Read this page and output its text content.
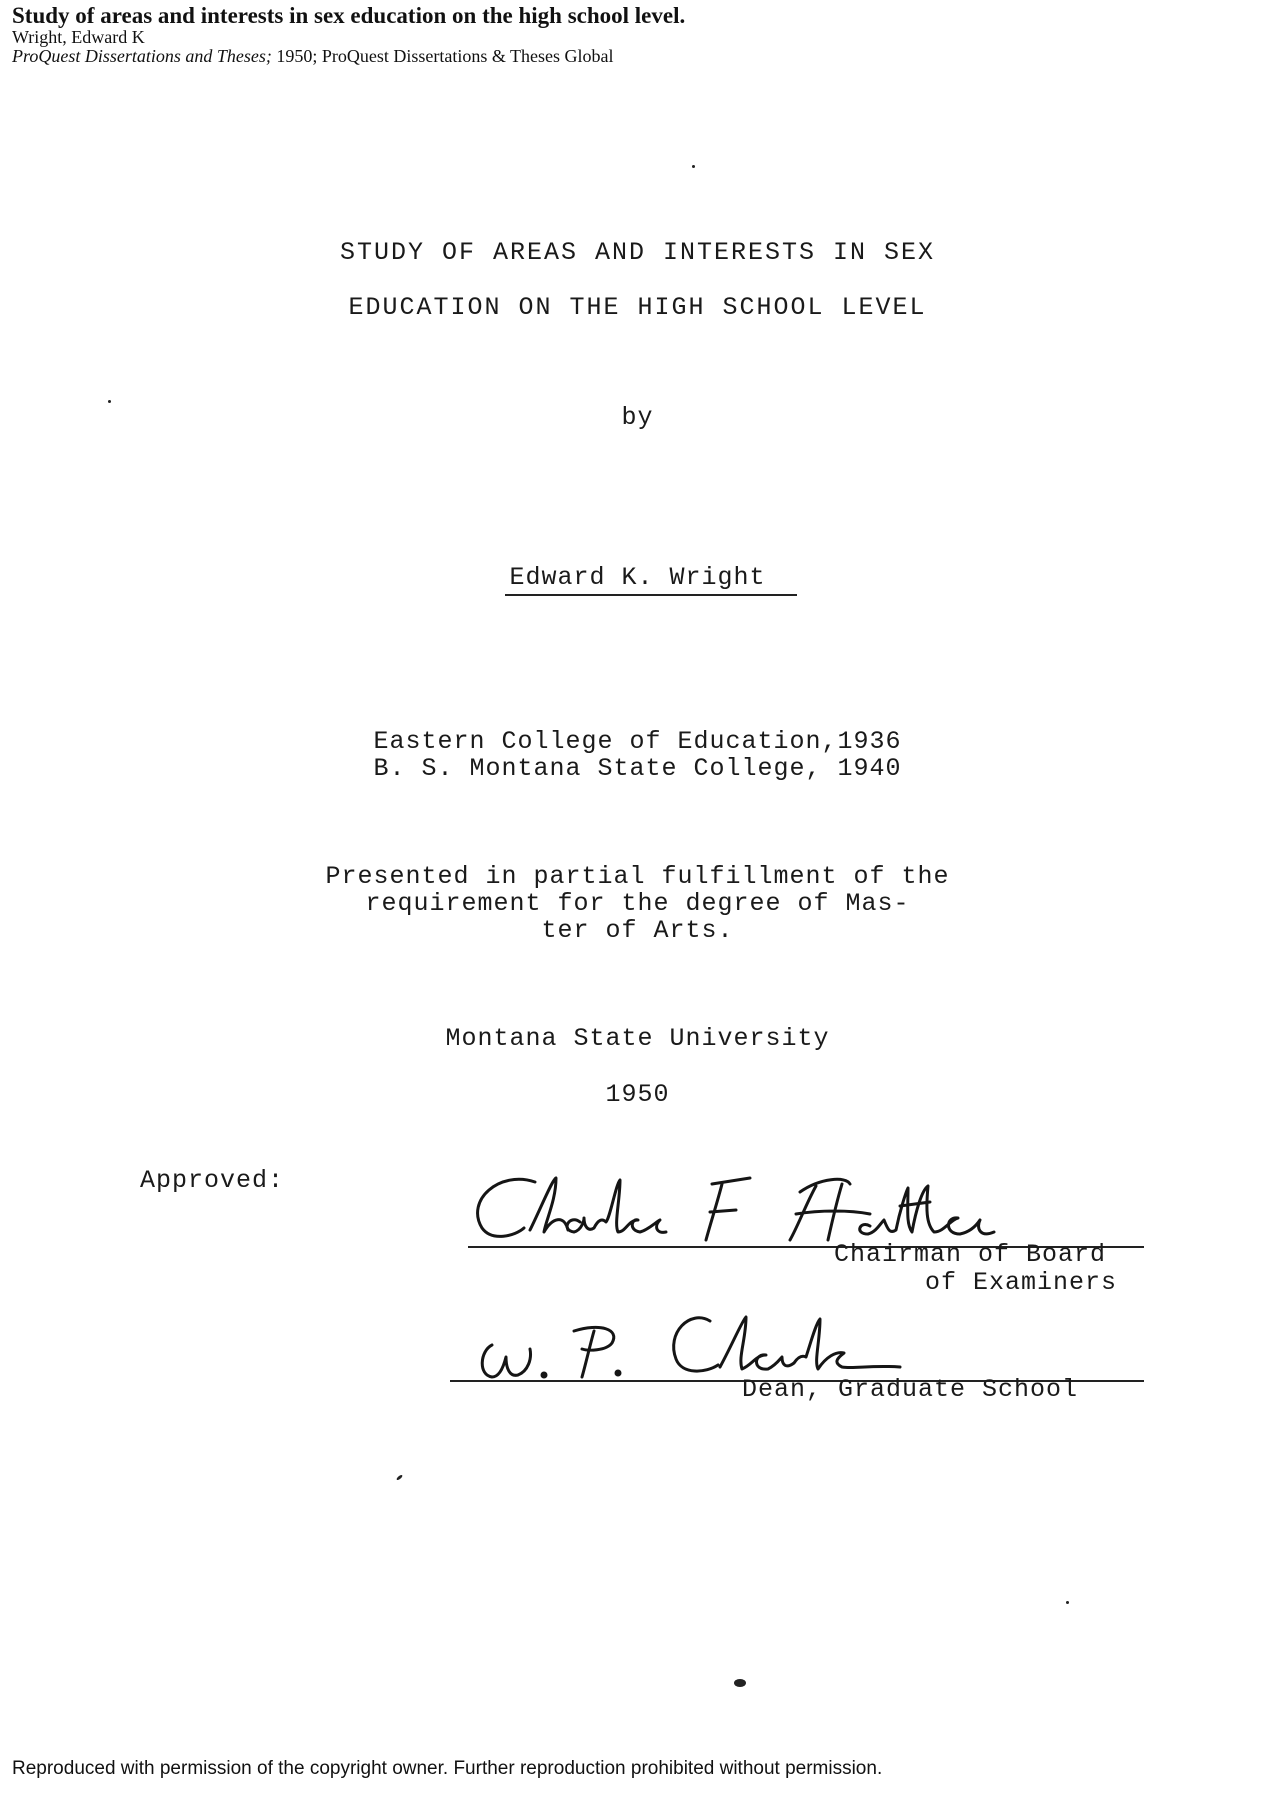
Study of areas and interests in sex education on the high school level.
Wright, Edward K
ProQuest Dissertations and Theses; 1950; ProQuest Dissertations & Theses Global
STUDY OF AREAS AND INTERESTS IN SEX
EDUCATION ON THE HIGH SCHOOL LEVEL
by
Edward K. Wright
Eastern College of Education,1936
B. S. Montana State College, 1940
Presented in partial fulfillment of the
requirement for the degree of Mas-
ter of Arts.
Montana State University
1950
Approved:
Chairman of Board
of Examiners
Dean, Graduate School
Reproduced with permission of the copyright owner. Further reproduction prohibited without permission.
